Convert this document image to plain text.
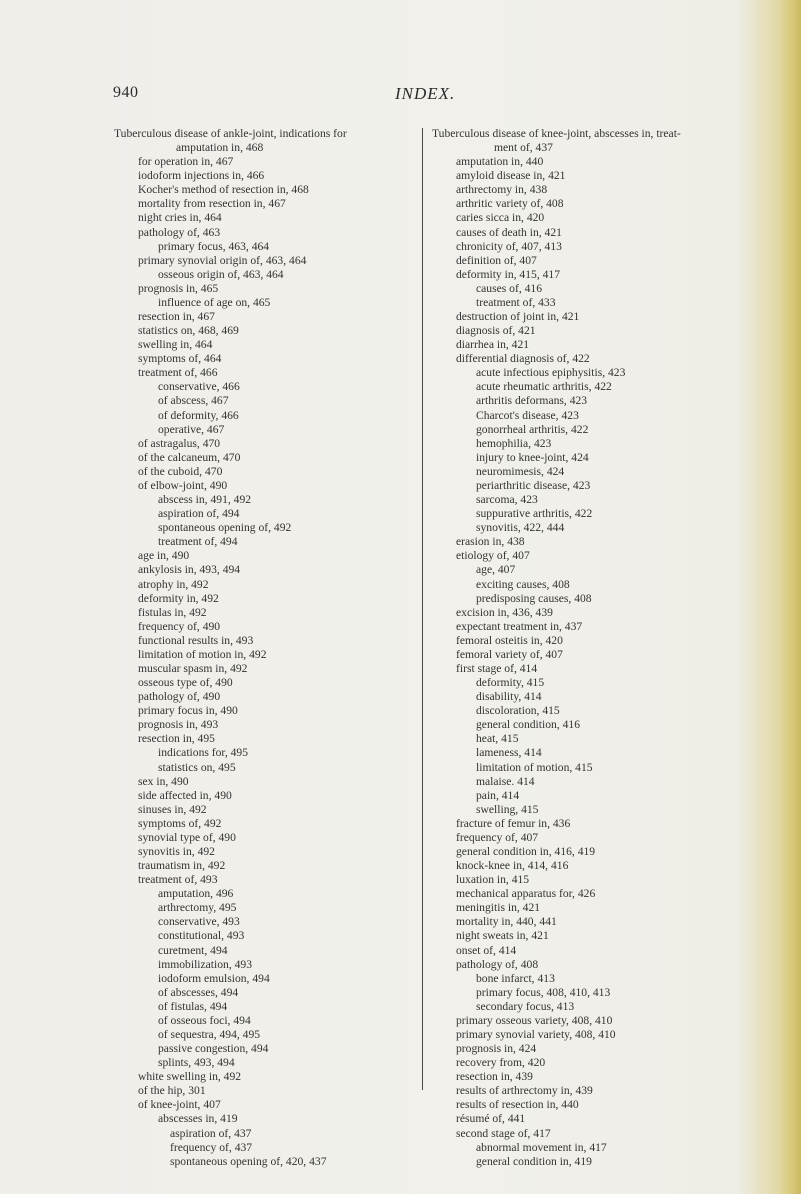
940	INDEX.
Tuberculous disease of ankle-joint, indications for
amputation in, 468
for operation in, 467
iodoform injections in, 466
Kocher's method of resection in, 468
mortality from resection in, 467
night cries in, 464
pathology of, 463
primary focus, 463, 464
primary synovial origin of, 463, 464
osseous origin of, 463, 464
prognosis in, 465
influence of age on, 465
resection in, 467
statistics on, 468, 469
swelling in, 464
symptoms of, 464
treatment of, 466
conservative, 466
of abscess, 467
of deformity, 466
operative, 467
of astragalus, 470
of the calcaneum, 470
of the cuboid, 470
of elbow-joint, 490
abscess in, 491, 492
aspiration of, 494
spontaneous opening of, 492
treatment of, 494
age in, 490
ankylosis in, 493, 494
atrophy in, 492
deformity in, 492
fistulas in, 492
frequency of, 490
functional results in, 493
limitation of motion in, 492
muscular spasm in, 492
osseous type of, 490
pathology of, 490
primary focus in, 490
prognosis in, 493
resection in, 495
indications for, 495
statistics on, 495
sex in, 490
side affected in, 490
sinuses in, 492
symptoms of, 492
synovial type of, 490
synovitis in, 492
traumatism in, 492
treatment of, 493
amputation, 496
arthrectomy, 495
conservative, 493
constitutional, 493
curetment, 494
immobilization, 493
iodoform emulsion, 494
of abscesses, 494
of fistulas, 494
of osseous foci, 494
of sequestra, 494, 495
passive congestion, 494
splints, 493, 494
white swelling in, 492
of the hip, 301
of knee-joint, 407
abscesses in, 419
aspiration of, 437
frequency of, 437
spontaneous opening of, 420, 437
Tuberculous disease of knee-joint, abscesses in, treat-
ment of, 437
amputation in, 440
amyloid disease in, 421
arthrectomy in, 438
arthritic variety of, 408
caries sicca in, 420
causes of death in, 421
chronicity of, 407, 413
definition of, 407
deformity in, 415, 417
causes of, 416
treatment of, 433
destruction of joint in, 421
diagnosis of, 421
diarrhea in, 421
differential diagnosis of, 422
acute infectious epiphysitis, 423
acute rheumatic arthritis, 422
arthritis deformans, 423
Charcot's disease, 423
gonorrheal arthritis, 422
hemophilia, 423
injury to knee-joint, 424
neuromimesis, 424
periarthritic disease, 423
sarcoma, 423
suppurative arthritis, 422
synovitis, 422, 444
erasion in, 438
etiology of, 407
age, 407
exciting causes, 408
predisposing causes, 408
excision in, 436, 439
expectant treatment in, 437
femoral osteitis in, 420
femoral variety of, 407
first stage of, 414
deformity, 415
disability, 414
discoloration, 415
general condition, 416
heat, 415
lameness, 414
limitation of motion, 415
malaise. 414
pain, 414
swelling, 415
fracture of femur in, 436
frequency of, 407
general condition in, 416, 419
knock-knee in, 414, 416
luxation in, 415
mechanical apparatus for, 426
meningitis in, 421
mortality in, 440, 441
night sweats in, 421
onset of, 414
pathology of, 408
bone infarct, 413
primary focus, 408, 410, 413
secondary focus, 413
primary osseous variety, 408, 410
primary synovial variety, 408, 410
prognosis in, 424
recovery from, 420
resection in, 439
results of arthrectomy in, 439
results of resection in, 440
résumé of, 441
second stage of, 417
abnormal movement in, 417
general condition in, 419
